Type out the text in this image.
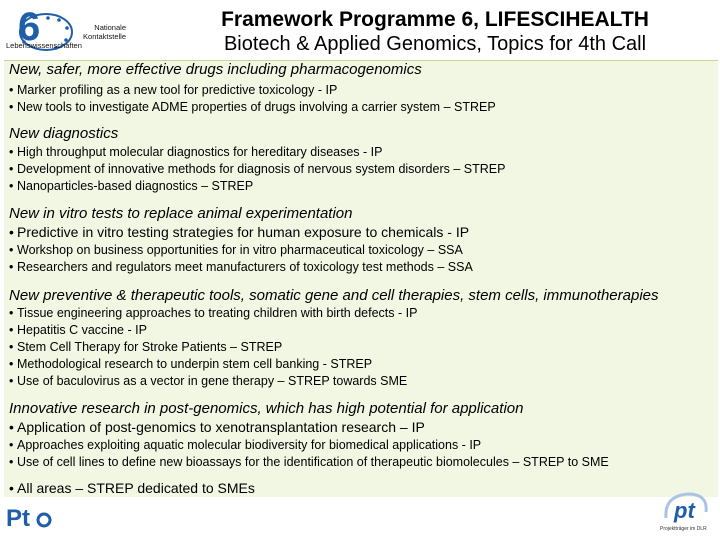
6	Nationale
Kontaktstelle
Lebenswissenschaften
Framework Programme 6, LIFESCIHEALTH
Biotech & Applied Genomics, Topics for 4th Call
New, safer, more effective drugs including pharmacogenomics
• Marker profiling as a new tool for predictive toxicology - IP
• New tools to investigate ADME properties of drugs involving a carrier system – STREP
New diagnostics
• High throughput molecular diagnostics for hereditary diseases - IP
• Development of innovative methods for diagnosis of nervous system disorders – STREP
• Nanoparticles-based diagnostics – STREP
New in vitro tests to replace animal experimentation
• Predictive in vitro testing strategies for human exposure to chemicals - IP
• Workshop on business opportunities for in vitro pharmaceutical toxicology – SSA
• Researchers and regulators meet manufacturers of toxicology test methods – SSA
New preventive & therapeutic tools, somatic gene and cell therapies, stem cells, immunotherapies
• Tissue engineering approaches to treating children with birth defects - IP
• Hepatitis C vaccine - IP
• Stem Cell Therapy for Stroke Patients – STREP
• Methodological research to underpin stem cell banking - STREP
• Use of baculovirus as a vector in gene therapy – STREP towards SME
Innovative research in post-genomics, which has high potential for application
• Application of post-genomics to xenotransplantation research – IP
• Approaches exploiting aquatic molecular biodiversity for biomedical applications - IP
• Use of cell lines to define new bioassays for the identification of therapeutic biomolecules – STREP to SME
• All areas – STREP dedicated to SMEs
Pt	pt
Projektträger im DLR
